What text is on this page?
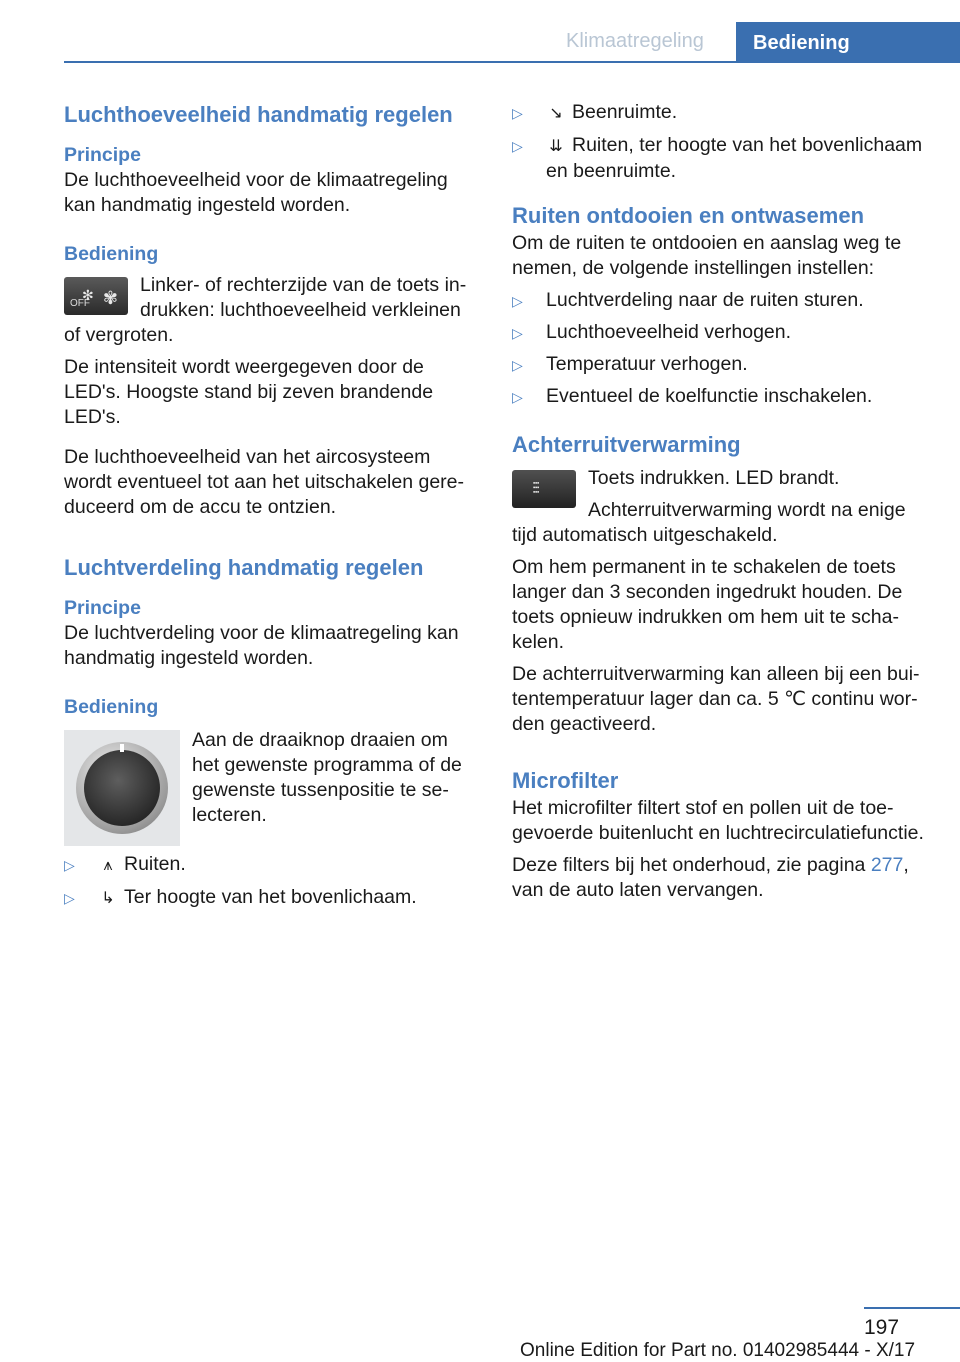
Klimaatregeling	Bediening
Luchthoeveelheid handmatig regelen
Principe

De luchthoeveelheid voor de klimaatregeling kan handmatig ingesteld worden.

Bediening
OFF
✻ ✾

Linker- of rechterzijde van de toets indrukken: luchthoeveelheid verkleinen of vergroten.

De intensiteit wordt weergegeven door de LED's. Hoogste stand bij zeven brandende LED's.

De luchthoeveelheid van het aircosysteem wordt eventueel tot aan het uitschakelen gereduceerd om de accu te ontzien.

Luchtverdeling handmatig regelen
Principe

De luchtverdeling voor de klimaatregeling kan handmatig ingesteld worden.

Bediening

Aan de draaiknop draaien om het gewenste programma of de gewenste tussenpositie te selecteren.

▷ ⩚ Ruiten.
▷ ↳ Ter hoogte van het bovenlichaam.
▷ ↘ Beenruimte.
▷ ⇊ Ruiten, ter hoogte van het bovenlichaam en beenruimte.
Ruiten ontdooien en ontwasemen

Om de ruiten te ontdooien en aanslag weg te nemen, de volgende instellingen instellen:

▷ Luchtverdeling naar de ruiten sturen.
▷ Luchthoeveelheid verhogen.
▷ Temperatuur verhogen.
▷ Eventueel de koelfunctie inschakelen.
Achterruitverwarming
⫶⫶⫶

Toets indrukken. LED brandt.

Achterruitverwarming wordt na enige tijd automatisch uitgeschakeld.

Om hem permanent in te schakelen de toets langer dan 3 seconden ingedrukt houden. De toets opnieuw indrukken om hem uit te schakelen.

De achterruitverwarming kan alleen bij een buitentemperatuur lager dan ca. 5 ℃ continu worden geactiveerd.

Microfilter

Het microfilter filtert stof en pollen uit de toegevoerde buitenlucht en luchtrecirculatiefunctie.

Deze filters bij het onderhoud, zie pagina 277,
van de auto laten vervangen.

197
Online Edition for Part no. 01402985444 - X/17
